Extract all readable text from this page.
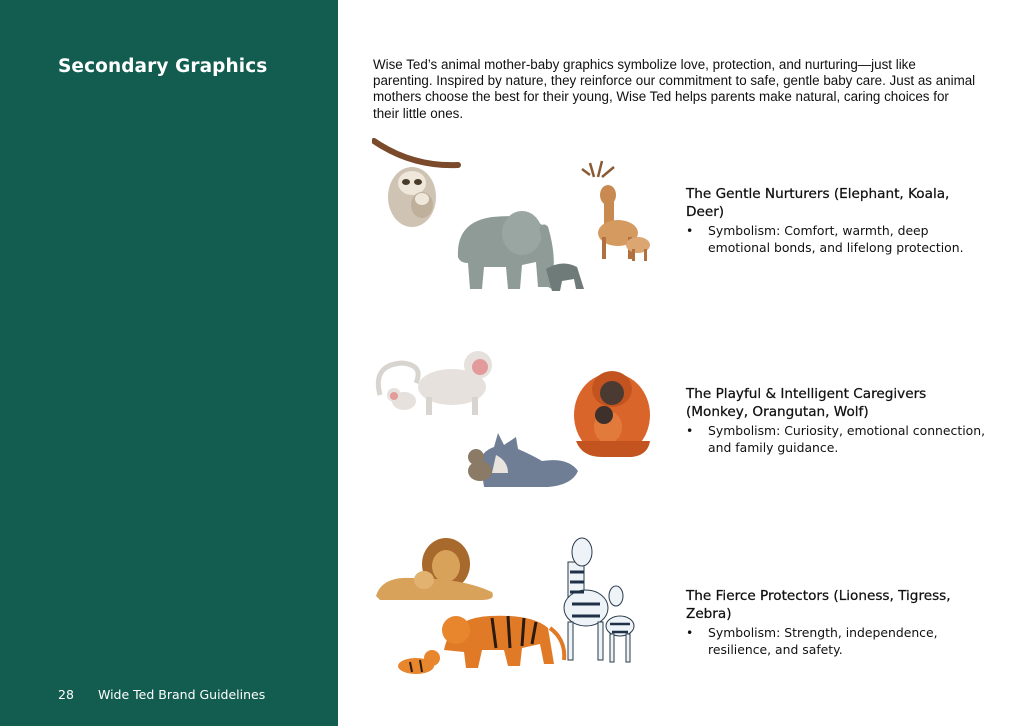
Secondary Graphics
28 Wide Ted Brand Guidelines
Wise Ted’s animal mother-baby graphics symbolize love, protection, and nurturing—just like parenting. Inspired by nature, they reinforce our commitment to safe, gentle baby care. Just as animal mothers choose the best for their young, Wise Ted helps parents make natural, caring choices for their little ones.
The Gentle Nurturers (Elephant, Koala, Deer)
• Symbolism: Comfort, warmth, deep emotional bonds, and lifelong protection.
The Playful & Intelligent Caregivers (Monkey, Orangutan, Wolf)
• Symbolism: Curiosity, emotional connection, and family guidance.
The Fierce Protectors (Lioness, Tigress, Zebra)
• Symbolism: Strength, independence, resilience, and safety.
